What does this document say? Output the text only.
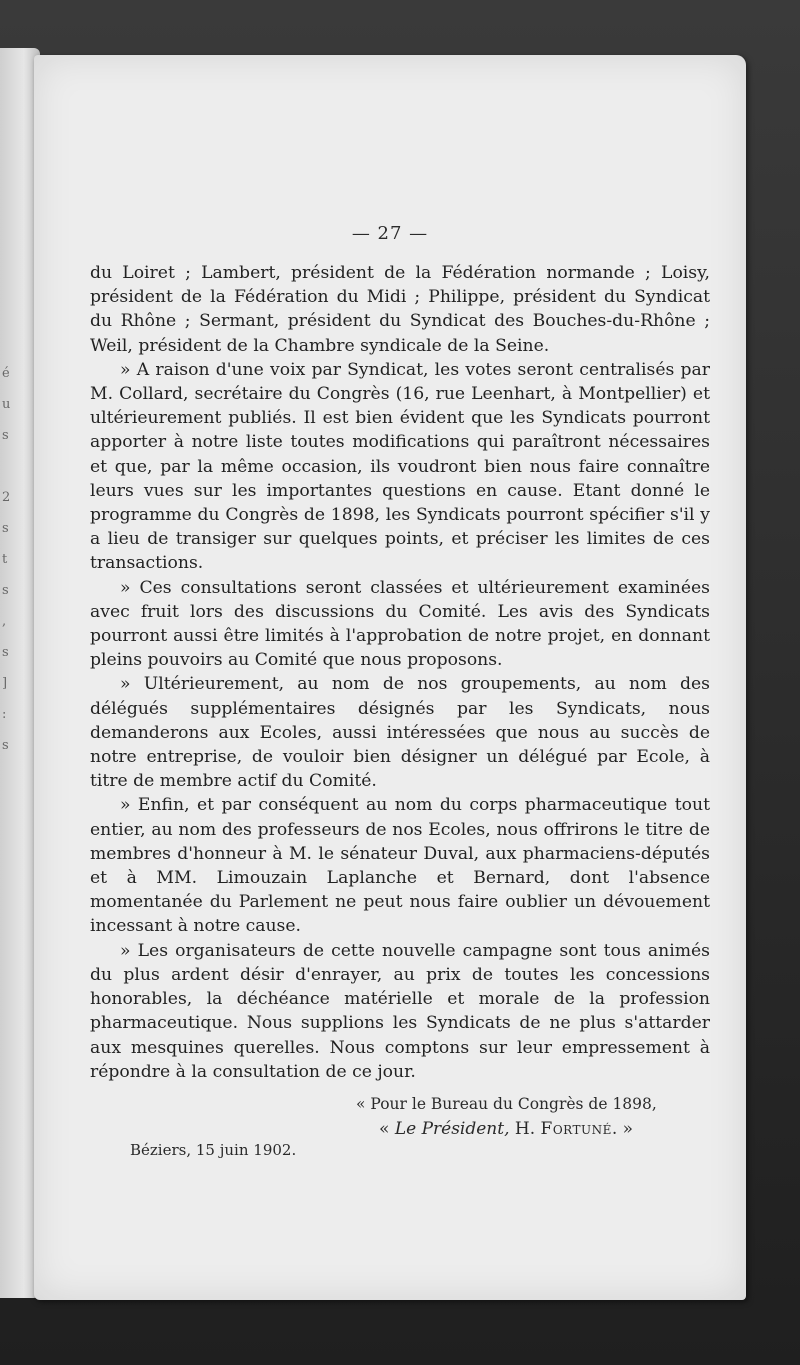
é
u
s

2
s
t
s
,
s
]
:
s
— 27 —

du Loiret ; Lambert, président de la Fédération normande ; Loisy, président de la Fédération du Midi ; Philippe, président du Syndicat du Rhône ; Sermant, président du Syndicat des Bouches-du-Rhône ; Weil, président de la Chambre syndicale de la Seine.

» A raison d'une voix par Syndicat, les votes seront centralisés par M. Collard, secrétaire du Congrès (16, rue Leenhart, à Montpellier) et ultérieurement publiés. Il est bien évident que les Syndicats pourront apporter à notre liste toutes modifications qui paraîtront nécessaires et que, par la même occasion, ils voudront bien nous faire connaître leurs vues sur les importantes questions en cause. Etant donné le programme du Congrès de 1898, les Syndicats pourront spécifier s'il y a lieu de transiger sur quelques points, et préciser les limites de ces transactions.

» Ces consultations seront classées et ultérieurement examinées avec fruit lors des discussions du Comité. Les avis des Syndicats pourront aussi être limités à l'approbation de notre projet, en donnant pleins pouvoirs au Comité que nous proposons.

» Ultérieurement, au nom de nos groupements, au nom des délégués supplémentaires désignés par les Syndicats, nous demanderons aux Ecoles, aussi intéressées que nous au succès de notre entreprise, de vouloir bien désigner un délégué par Ecole, à titre de membre actif du Comité.

» Enfin, et par conséquent au nom du corps pharmaceutique tout entier, au nom des professeurs de nos Ecoles, nous offrirons le titre de membres d'honneur à M. le sénateur Duval, aux pharmaciens-députés et à MM. Limouzain Laplanche et Bernard, dont l'absence momentanée du Parlement ne peut nous faire oublier un dévouement incessant à notre cause.

» Les organisateurs de cette nouvelle campagne sont tous animés du plus ardent désir d'enrayer, au prix de toutes les concessions honorables, la déchéance matérielle et morale de la profession pharmaceutique. Nous supplions les Syndicats de ne plus s'attarder aux mesquines querelles. Nous comptons sur leur empressement à répondre à la consultation de ce jour.

« Pour le Bureau du Congrès de 1898,
« Le Président, H. Fortuné. »
Béziers, 15 juin 1902.
